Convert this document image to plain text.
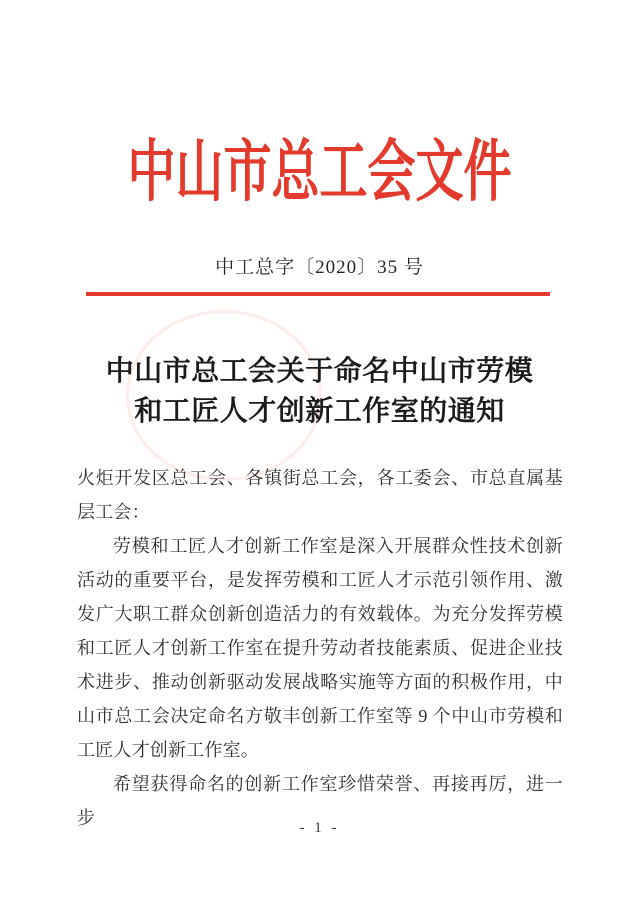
中山市总工会文件
中工总字〔2020〕35 号
中山市总工会关于命名中山市劳模
和工匠人才创新工作室的通知

火炬开发区总工会、各镇街总工会，各工委会、市总直属基层工会：

劳模和工匠人才创新工作室是深入开展群众性技术创新活动的重要平台，是发挥劳模和工匠人才示范引领作用、激发广大职工群众创新创造活力的有效载体。为充分发挥劳模和工匠人才创新工作室在提升劳动者技能素质、促进企业技术进步、推动创新驱动发展战略实施等方面的积极作用，中山市总工会决定命名方敬丰创新工作室等 9 个中山市劳模和工匠人才创新工作室。

希望获得命名的创新工作室珍惜荣誉、再接再厉，进一步	- 1 -
